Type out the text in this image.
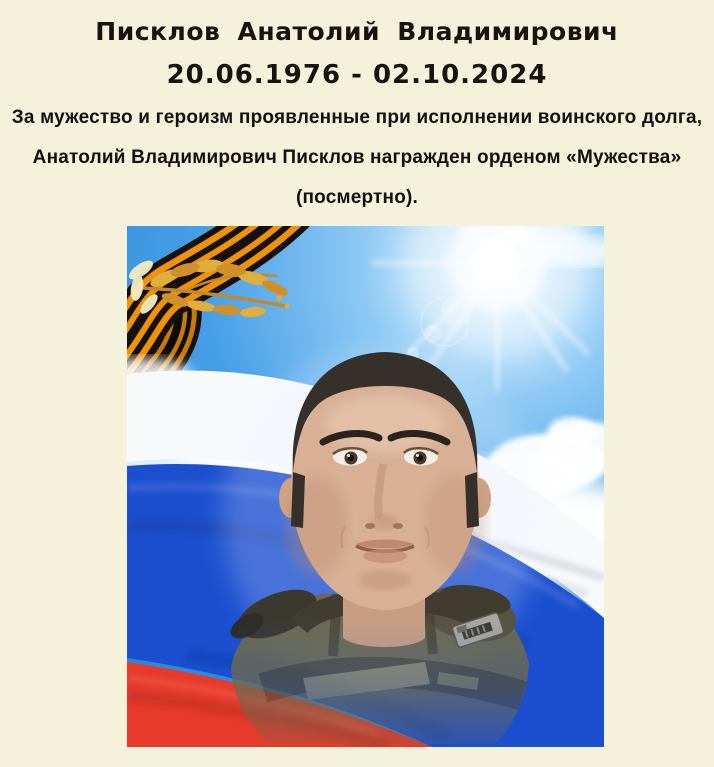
Писклов Анатолий Владимирович
20.06.1976 - 02.10.2024

За мужество и героизм проявленные при исполнении воинского долга,

Анатолий Владимирович Писклов награжден орденом «Мужества»

(посмертно).
